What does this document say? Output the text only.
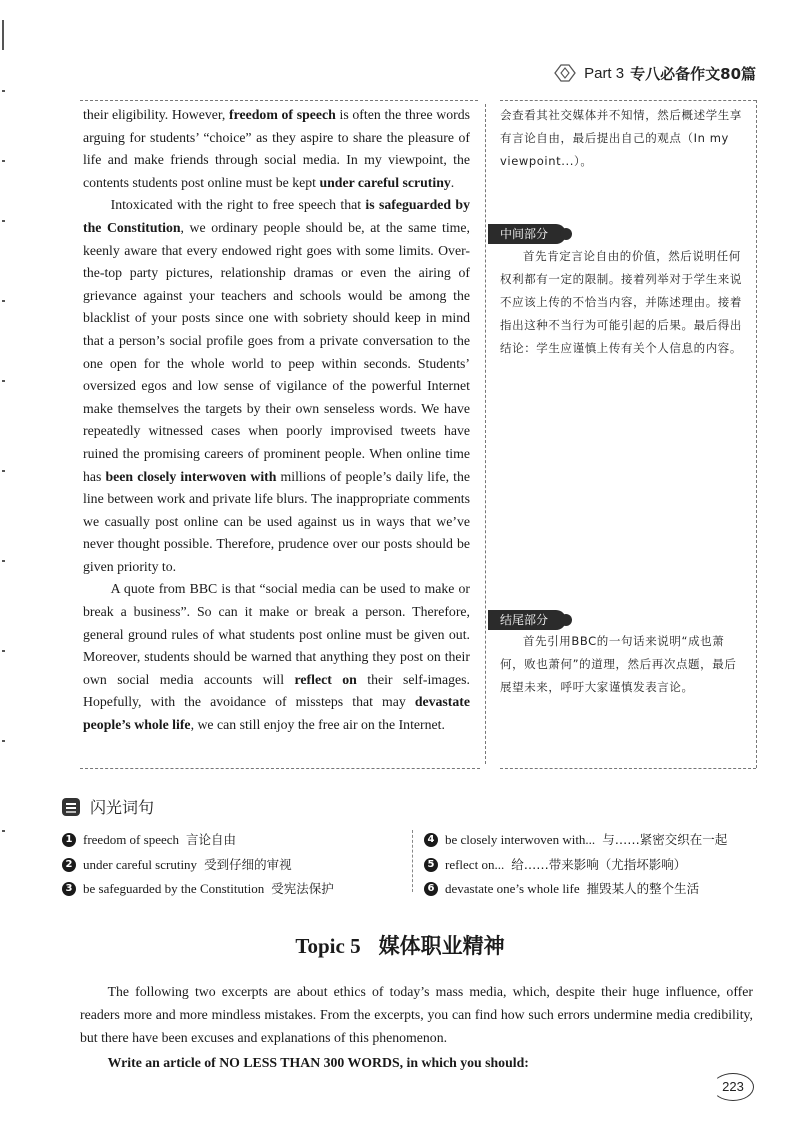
Part 3 专八必备作文80篇

their eligibility. However, freedom of speech is often the three words arguing for students’ “choice” as they aspire to share the pleasure of life and make friends through social media. In my viewpoint, the contents students post online must be kept under careful scrutiny.

Intoxicated with the right to free speech that is safeguarded by the Constitution, we ordinary people should be, at the same time, keenly aware that every endowed right goes with some limits. Over-the-top party pictures, relationship dramas or even the airing of grievance against your teachers and schools would be among the blacklist of your posts since one with sobriety should keep in mind that a person’s social profile goes from a private conversation to the one open for the whole world to peep within seconds. Students’ oversized egos and low sense of vigilance of the powerful Internet make themselves the targets by their own senseless words. We have repeatedly witnessed cases when poorly improvised tweets have ruined the promising careers of prominent people. When online time has been closely interwoven with millions of people’s daily life, the line between work and private life blurs. The inappropriate comments we casually post online can be used against us in ways that we’ve never thought possible. Therefore, prudence over our posts should be given priority to.

A quote from BBC is that “social media can be used to make or break a business”. So can it make or break a person. Therefore, general ground rules of what students post online must be given out. Moreover, students should be warned that anything they post on their own social media accounts will reflect on their self-images. Hopefully, with the avoidance of missteps that may devastate people’s whole life, we can still enjoy the free air on the Internet.

会查看其社交媒体并不知情，然后概述学生享有言论自由，最后提出自己的观点（In my viewpoint...）。

中间部分

首先肯定言论自由的价值，然后说明任何权利都有一定的限制。接着列举对于学生来说不应该上传的不恰当内容，并陈述理由。接着指出这种不当行为可能引起的后果。最后得出结论：学生应谨慎上传有关个人信息的内容。

结尾部分

首先引用BBC的一句话来说明“成也萧何，败也萧何”的道理，然后再次点题，最后展望未来，呼吁大家谨慎发表言论。

闪光词句
1 freedom of speech 言论自由
2 under careful scrutiny 受到仔细的审视
3 be safeguarded by the Constitution 受宪法保护
4 be closely interwoven with... 与……紧密交织在一起
5 reflect on... 给……带来影响（尤指坏影响）
6 devastate one’s whole life 摧毁某人的整个生活
Topic 5 媒体职业精神

The following two excerpts are about ethics of today’s mass media, which, despite their huge influence, offer readers more and more mindless mistakes. From the excerpts, you can find how such errors undermine media credibility, but there have been excuses and explanations of this phenomenon.

Write an article of NO LESS THAN 300 WORDS, in which you should:

223
